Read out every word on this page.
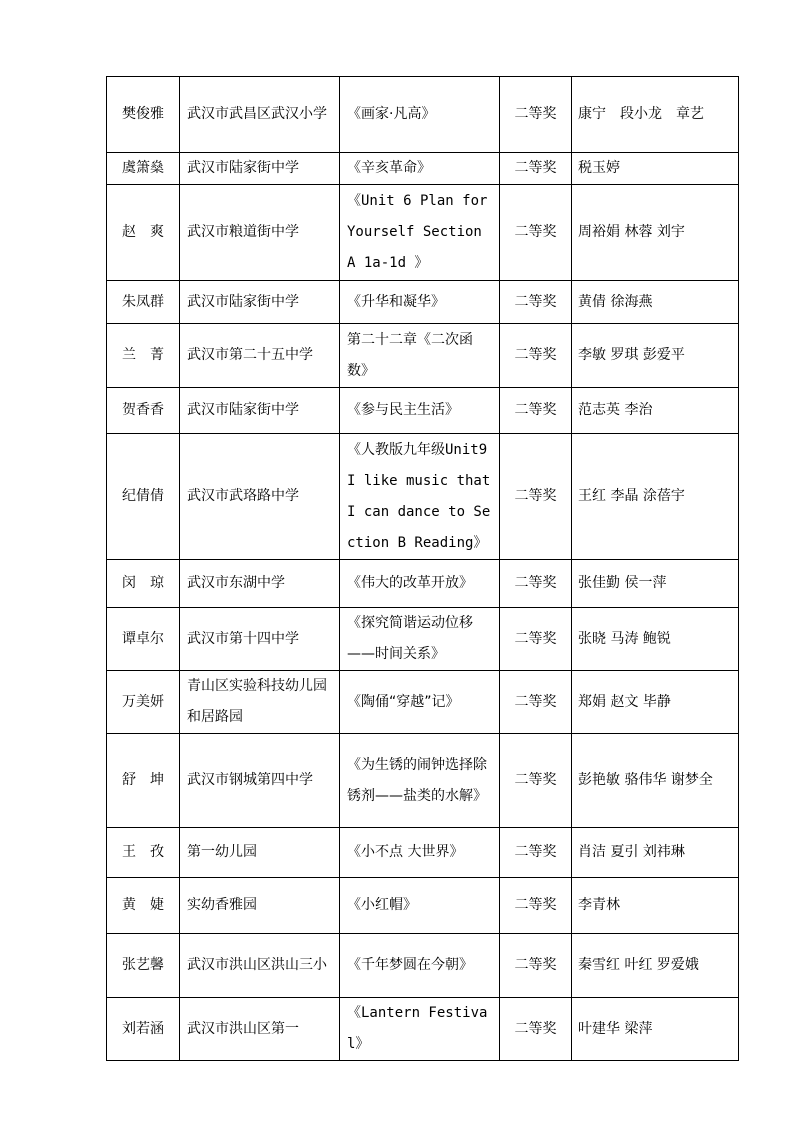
樊俊雅	武汉市武昌区武汉小学	《画家·凡高》	二等奖	康宁　段小龙　章艺
虞箫燊	武汉市陆家街中学	《辛亥革命》	二等奖	税玉婷
赵　爽	武汉市粮道街中学	《Unit 6 Plan for Yourself Section A 1a-1d 》	二等奖	周裕娟 林蓉 刘宇
朱凤群	武汉市陆家街中学	《升华和凝华》	二等奖	黄倩 徐海燕
兰　菁	武汉市第二十五中学	第二十二章《二次函数》	二等奖	李敏 罗琪 彭爱平
贺香香	武汉市陆家街中学	《参与民主生活》	二等奖	范志英 李治
纪倩倩	武汉市武珞路中学	《人教版九年级Unit9 I like music that I can dance to Section B Reading》	二等奖	王红 李晶 涂蓓宇
闵　琼	武汉市东湖中学	《伟大的改革开放》	二等奖	张佳勤 侯一萍
谭卓尔	武汉市第十四中学	《探究简谐运动位移——时间关系》	二等奖	张晓 马涛 鲍锐
万美妍	青山区实验科技幼儿园和居路园	《陶俑“穿越”记》	二等奖	郑娟 赵文 毕静
舒　坤	武汉市钢城第四中学	《为生锈的闹钟选择除锈剂——盐类的水解》	二等奖	彭艳敏 骆伟华 谢梦全
王　孜	第一幼儿园	《小不点 大世界》	二等奖	肖洁 夏引 刘祎琳
黄　婕	实幼香雅园	《小红帽》	二等奖	李青林
张艺馨	武汉市洪山区洪山三小	《千年梦圆在今朝》	二等奖	秦雪红 叶红 罗爱娥
刘若涵	武汉市洪山区第一	《Lantern Festival》	二等奖	叶建华 梁萍
